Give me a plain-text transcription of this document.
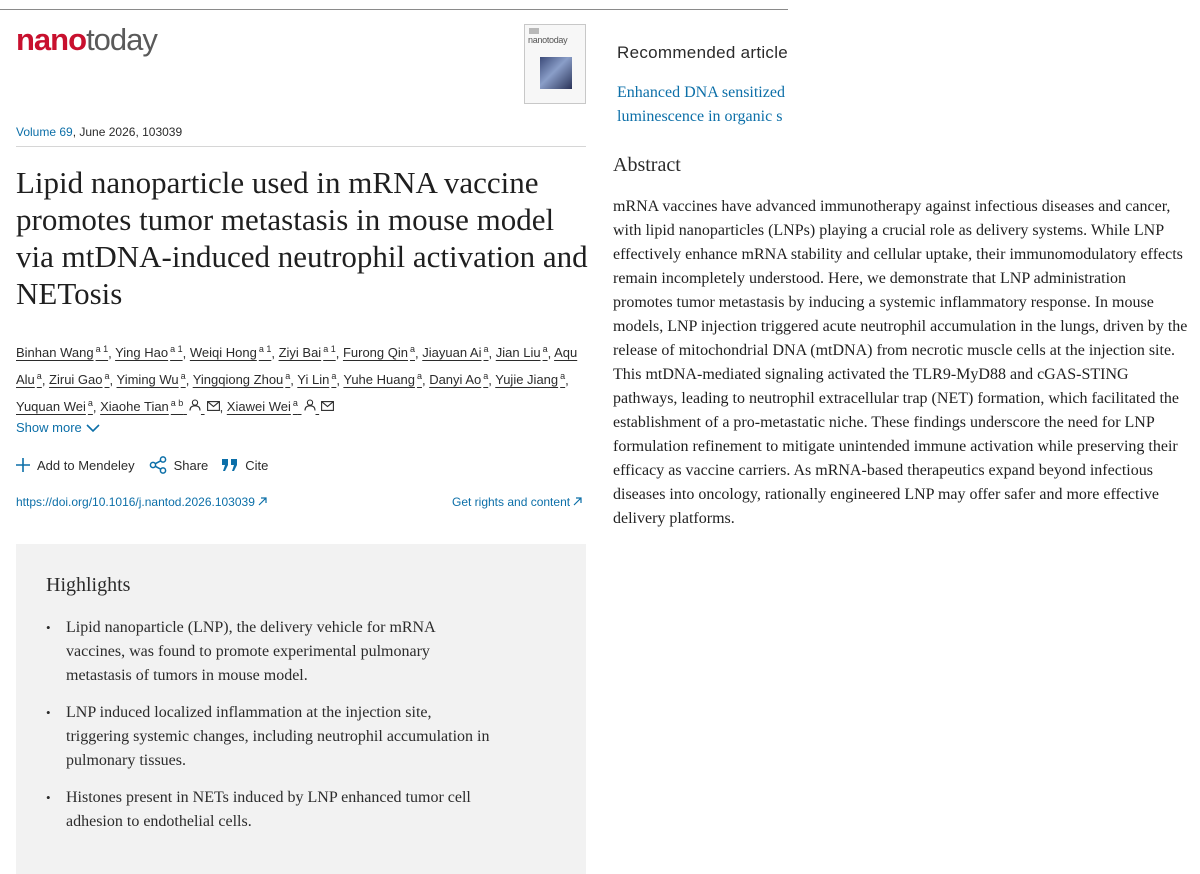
nanotoday	nanotoday
Volume 69, June 2026, 103039
Lipid nanoparticle used in mRNA vaccine promotes tumor metastasis in mouse model via mtDNA-induced neutrophil activation and NETosis
Binhan Wang $^{a 1}$, Ying Hao $^{a 1}$, Weiqi Hong $^{a 1}$, Ziyi Bai $^{a 1}$, Furong Qin $^a$, Jiayuan Ai $^a$, Jian Liu $^a$, Aqu Alu $^a$, Zirui Gao $^a$, Yiming Wu $^a$, Yingqiong Zhou $^a$, Yi Lin $^a$, Yuhe Huang $^a$, Danyi Ao $^a$, Yujie Jiang $^a$, Yuquan Wei $^a$, Xiaohe Tian $^{a b}$	, Xiawei Wei $^a$
Show more
Add to Mendeley	Share	Cite
https://doi.org/10.1016/j.nantod.2026.103039	Get rights and content
Highlights
• Lipid nanoparticle (LNP), the delivery vehicle for mRNA vaccines, was found to promote experimental pulmonary metastasis of tumors in mouse model.
• LNP induced localized inflammation at the injection site, triggering systemic changes, including neutrophil accumulation in pulmonary tissues.
• Histones present in NETs induced by LNP enhanced tumor cell adhesion to endothelial cells.
Recommended article
Enhanced DNA sensitized luminescence in organic s
Abstract

mRNA vaccines have advanced immunotherapy against infectious diseases and cancer, with lipid nanoparticles (LNPs) playing a crucial role as delivery systems. While LNP effectively enhance mRNA stability and cellular uptake, their immunomodulatory effects remain incompletely understood. Here, we demonstrate that LNP administration promotes tumor metastasis by inducing a systemic inflammatory response. In mouse models, LNP injection triggered acute neutrophil accumulation in the lungs, driven by the release of mitochondrial DNA (mtDNA) from necrotic muscle cells at the injection site. This mtDNA-mediated signaling activated the TLR9-MyD88 and cGAS-STING pathways, leading to neutrophil extracellular trap (NET) formation, which facilitated the establishment of a pro-metastatic niche. These findings underscore the need for LNP formulation refinement to mitigate unintended immune activation while preserving their efficacy as vaccine carriers. As mRNA-based therapeutics expand beyond infectious diseases into oncology, rationally engineered LNP may offer safer and more effective delivery platforms.
